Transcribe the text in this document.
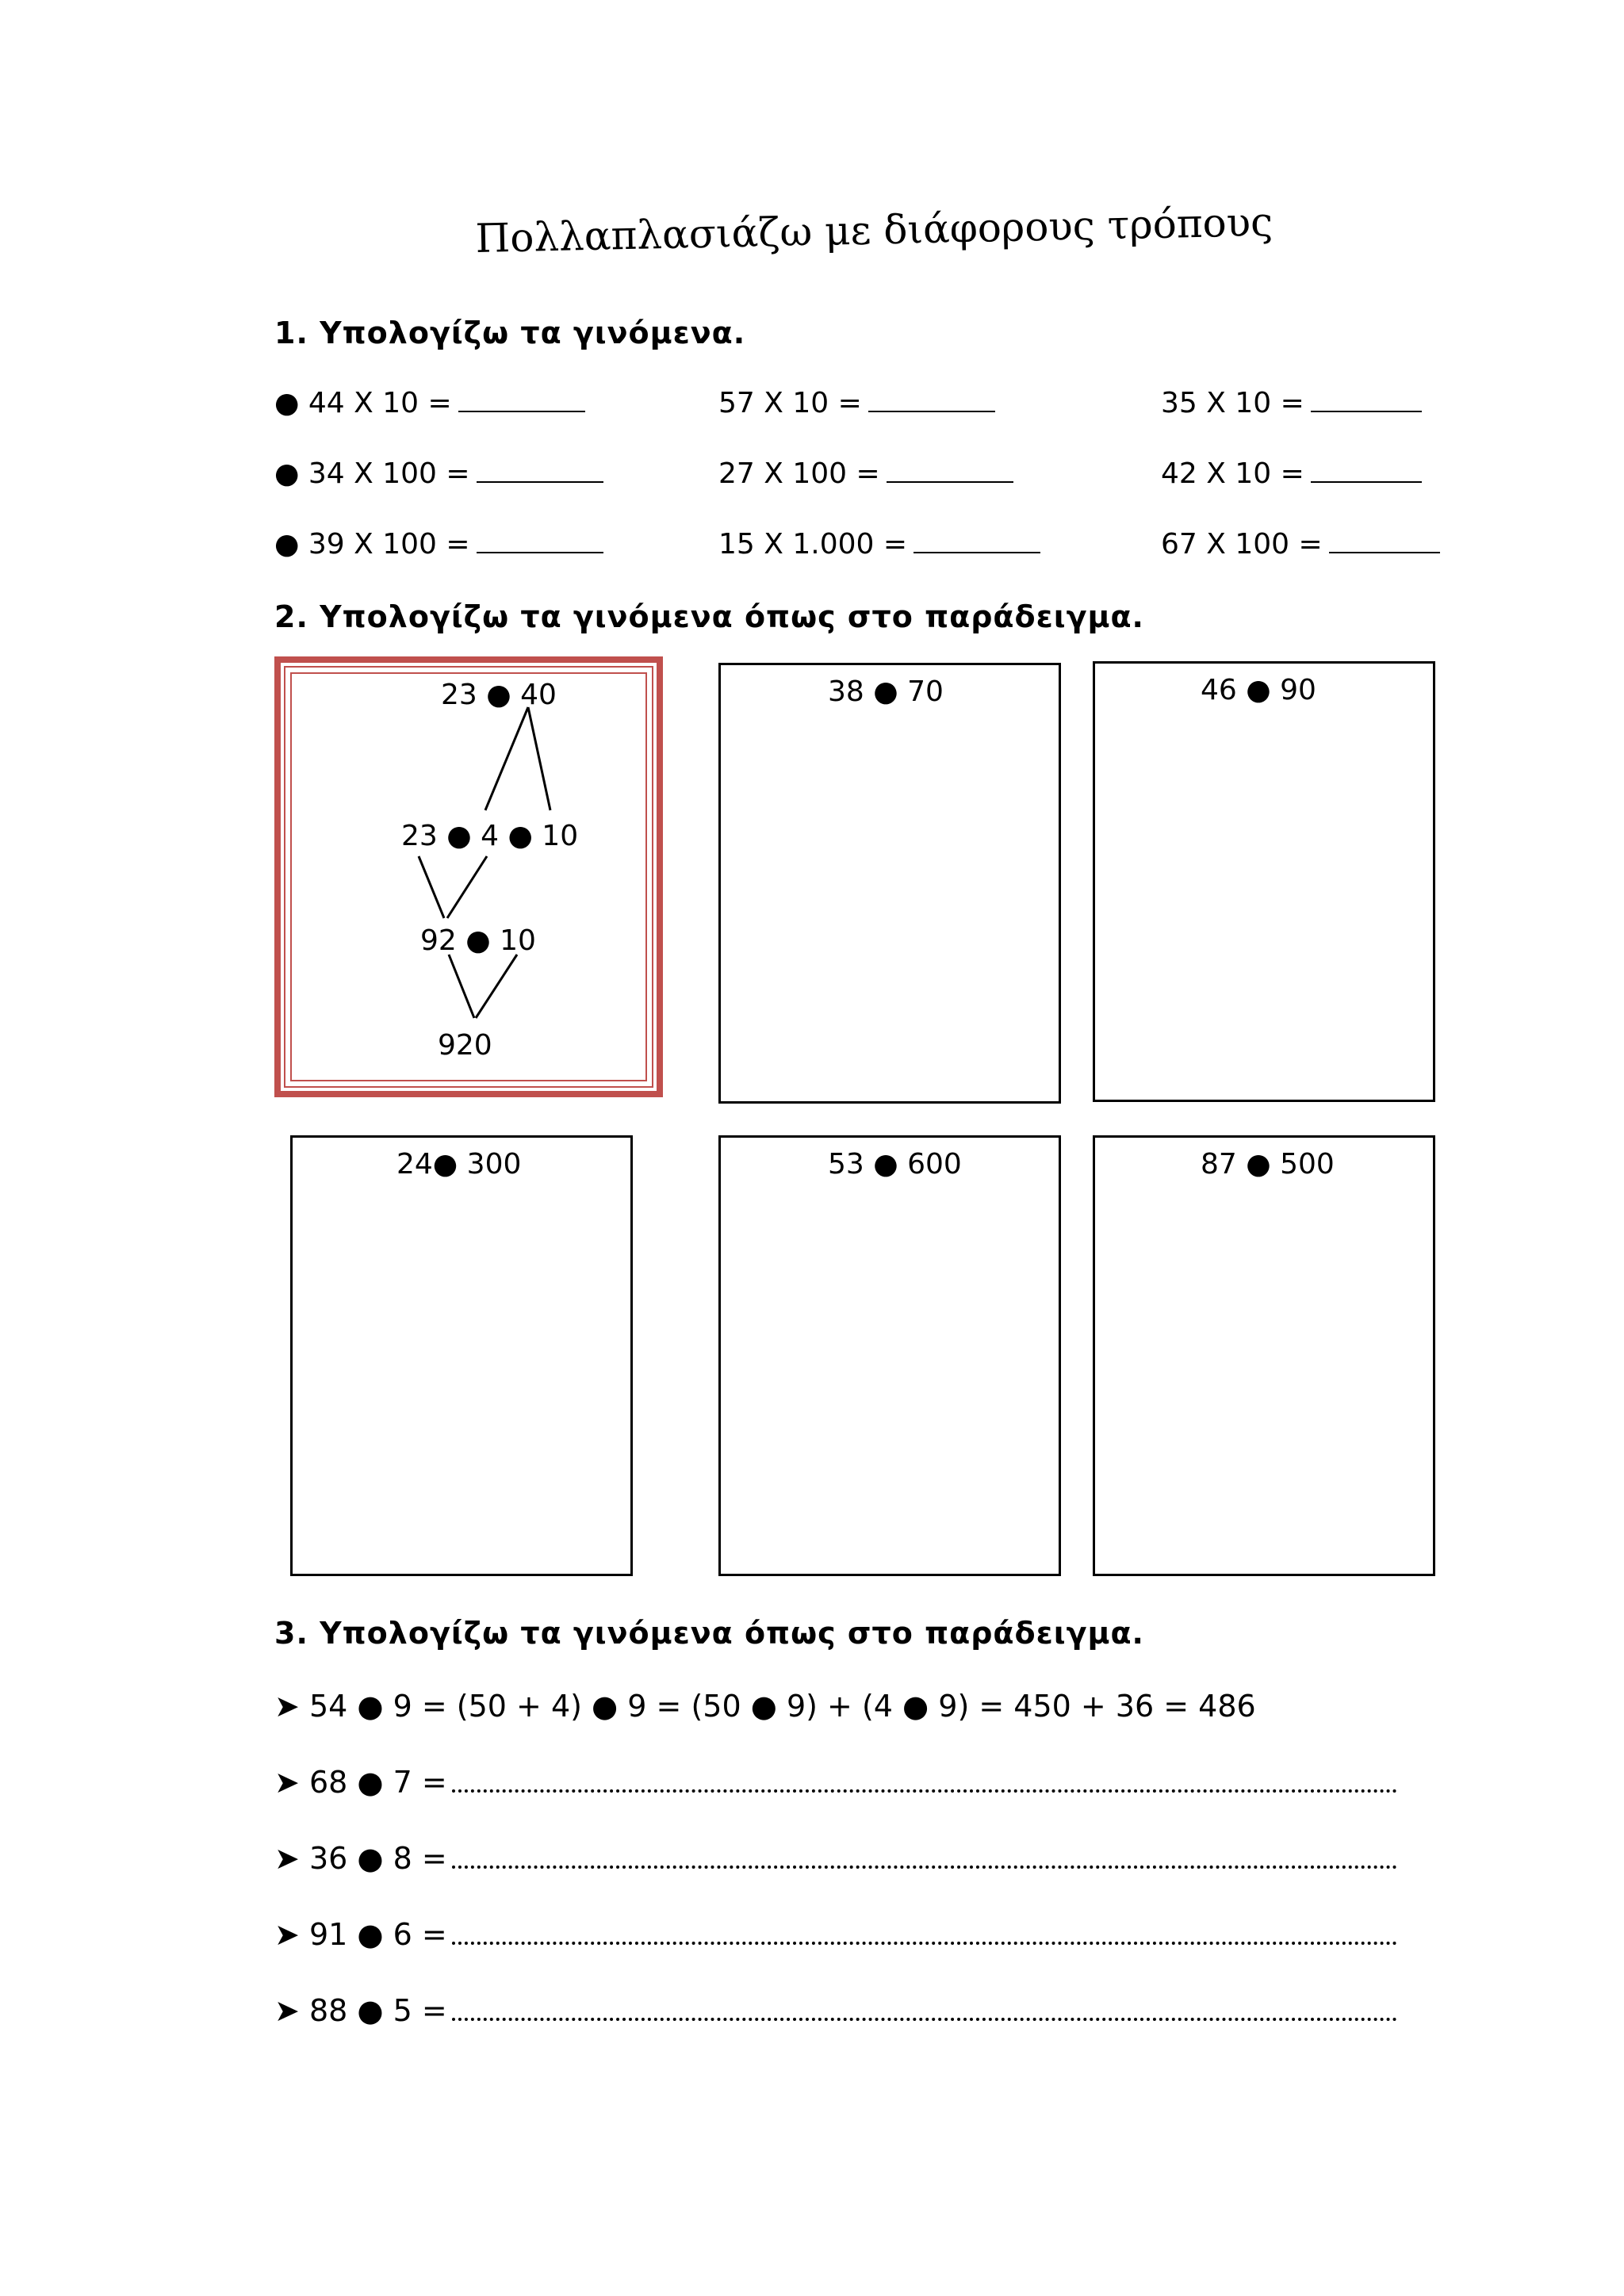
Πολλαπλασιάζω με διάφορους τρόπους
1. Υπολογίζω τα γινόμενα.
● 44 X 10 =	57 X 10 =	35 X 10 =
● 34 X 100 =	27 X 100 =	42 X 10 =
● 39 X 100 =	15 X 1.000 =	67 X 100 =
2. Υπολογίζω τα γινόμενα όπως στο παράδειγμα.
23 ● 40
23 ● 4 ● 10
92 ● 10
920
38 ● 70	46 ● 90
24● 300	53 ● 600	87 ● 500
3. Υπολογίζω τα γινόμενα όπως στο παράδειγμα.
➤ 54 ● 9 = (50 + 4) ● 9 = (50 ● 9) + (4 ● 9) = 450 + 36 = 486
➤ 68 ● 7 =
➤ 36 ● 8 =
➤ 91 ● 6 =
➤ 88 ● 5 =
